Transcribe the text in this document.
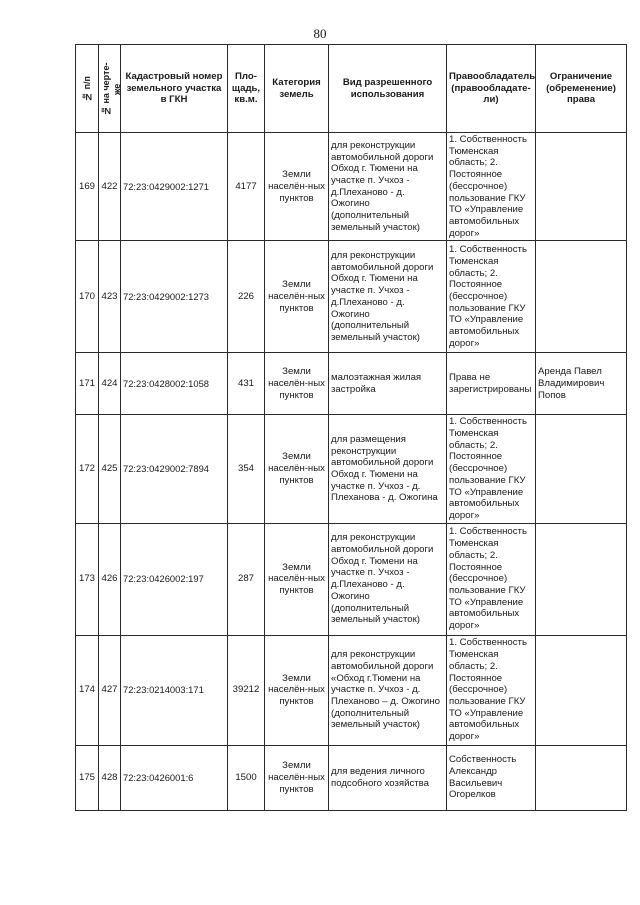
80
№ п/п	№ на черте-же	Кадастровый номер земельного участка в ГКН	Пло-щадь, кв.м.	Категория земель	Вид разрешенного использования	Правообладатель (правообладате-ли)	Ограничение (обременение) права
169	422	72:23:0429002:1271	4177	Земли населён-ных пунктов	для реконструкции автомобильной дороги Обход г. Тюмени на участке п. Учхоз - д.Плеханово - д. Ожогино (дополнительный земельный участок)	1. Собственность Тюменская область; 2. Постоянное (бессрочное) пользование ГКУ ТО «Управление автомобильных дорог»	
170	423	72:23:0429002:1273	226	Земли населён-ных пунктов	для реконструкции автомобильной дороги Обход г. Тюмени на участке п. Учхоз - д.Плеханово - д. Ожогино (дополнительный земельный участок)	1. Собственность Тюменская область; 2. Постоянное (бессрочное) пользование ГКУ ТО «Управление автомобильных дорог»	
171	424	72:23:0428002:1058	431	Земли населён-ных пунктов	малоэтажная жилая застройка	Права не зарегистрированы	Аренда Павел Владимирович Попов
172	425	72:23:0429002:7894	354	Земли населён-ных пунктов	для размещения реконструкции автомобильной дороги Обход г. Тюмени на участке п. Учхоз - д. Плеханова - д. Ожогина	1. Собственность Тюменская область; 2. Постоянное (бессрочное) пользование ГКУ ТО «Управление автомобильных дорог»	
173	426	72:23:0426002:197	287	Земли населён-ных пунктов	для реконструкции автомобильной дороги Обход г. Тюмени на участке п. Учхоз - д.Плеханово - д. Ожогино (дополнительный земельный участок)	1. Собственность Тюменская область; 2. Постоянное (бессрочное) пользование ГКУ ТО «Управление автомобильных дорог»	
174	427	72:23:0214003:171	39212	Земли населён-ных пунктов	для реконструкции автомобильной дороги «Обход г.Тюмени на участке п. Учхоз - д. Плеханово – д. Ожогино (дополнительный земельный участок)	1. Собственность Тюменская область; 2. Постоянное (бессрочное) пользование ГКУ ТО «Управление автомобильных дорог»	
175	428	72:23:0426001:6	1500	Земли населён-ных пунктов	для ведения личного подсобного хозяйства	Собственность Александр Васильевич Огорелков	
